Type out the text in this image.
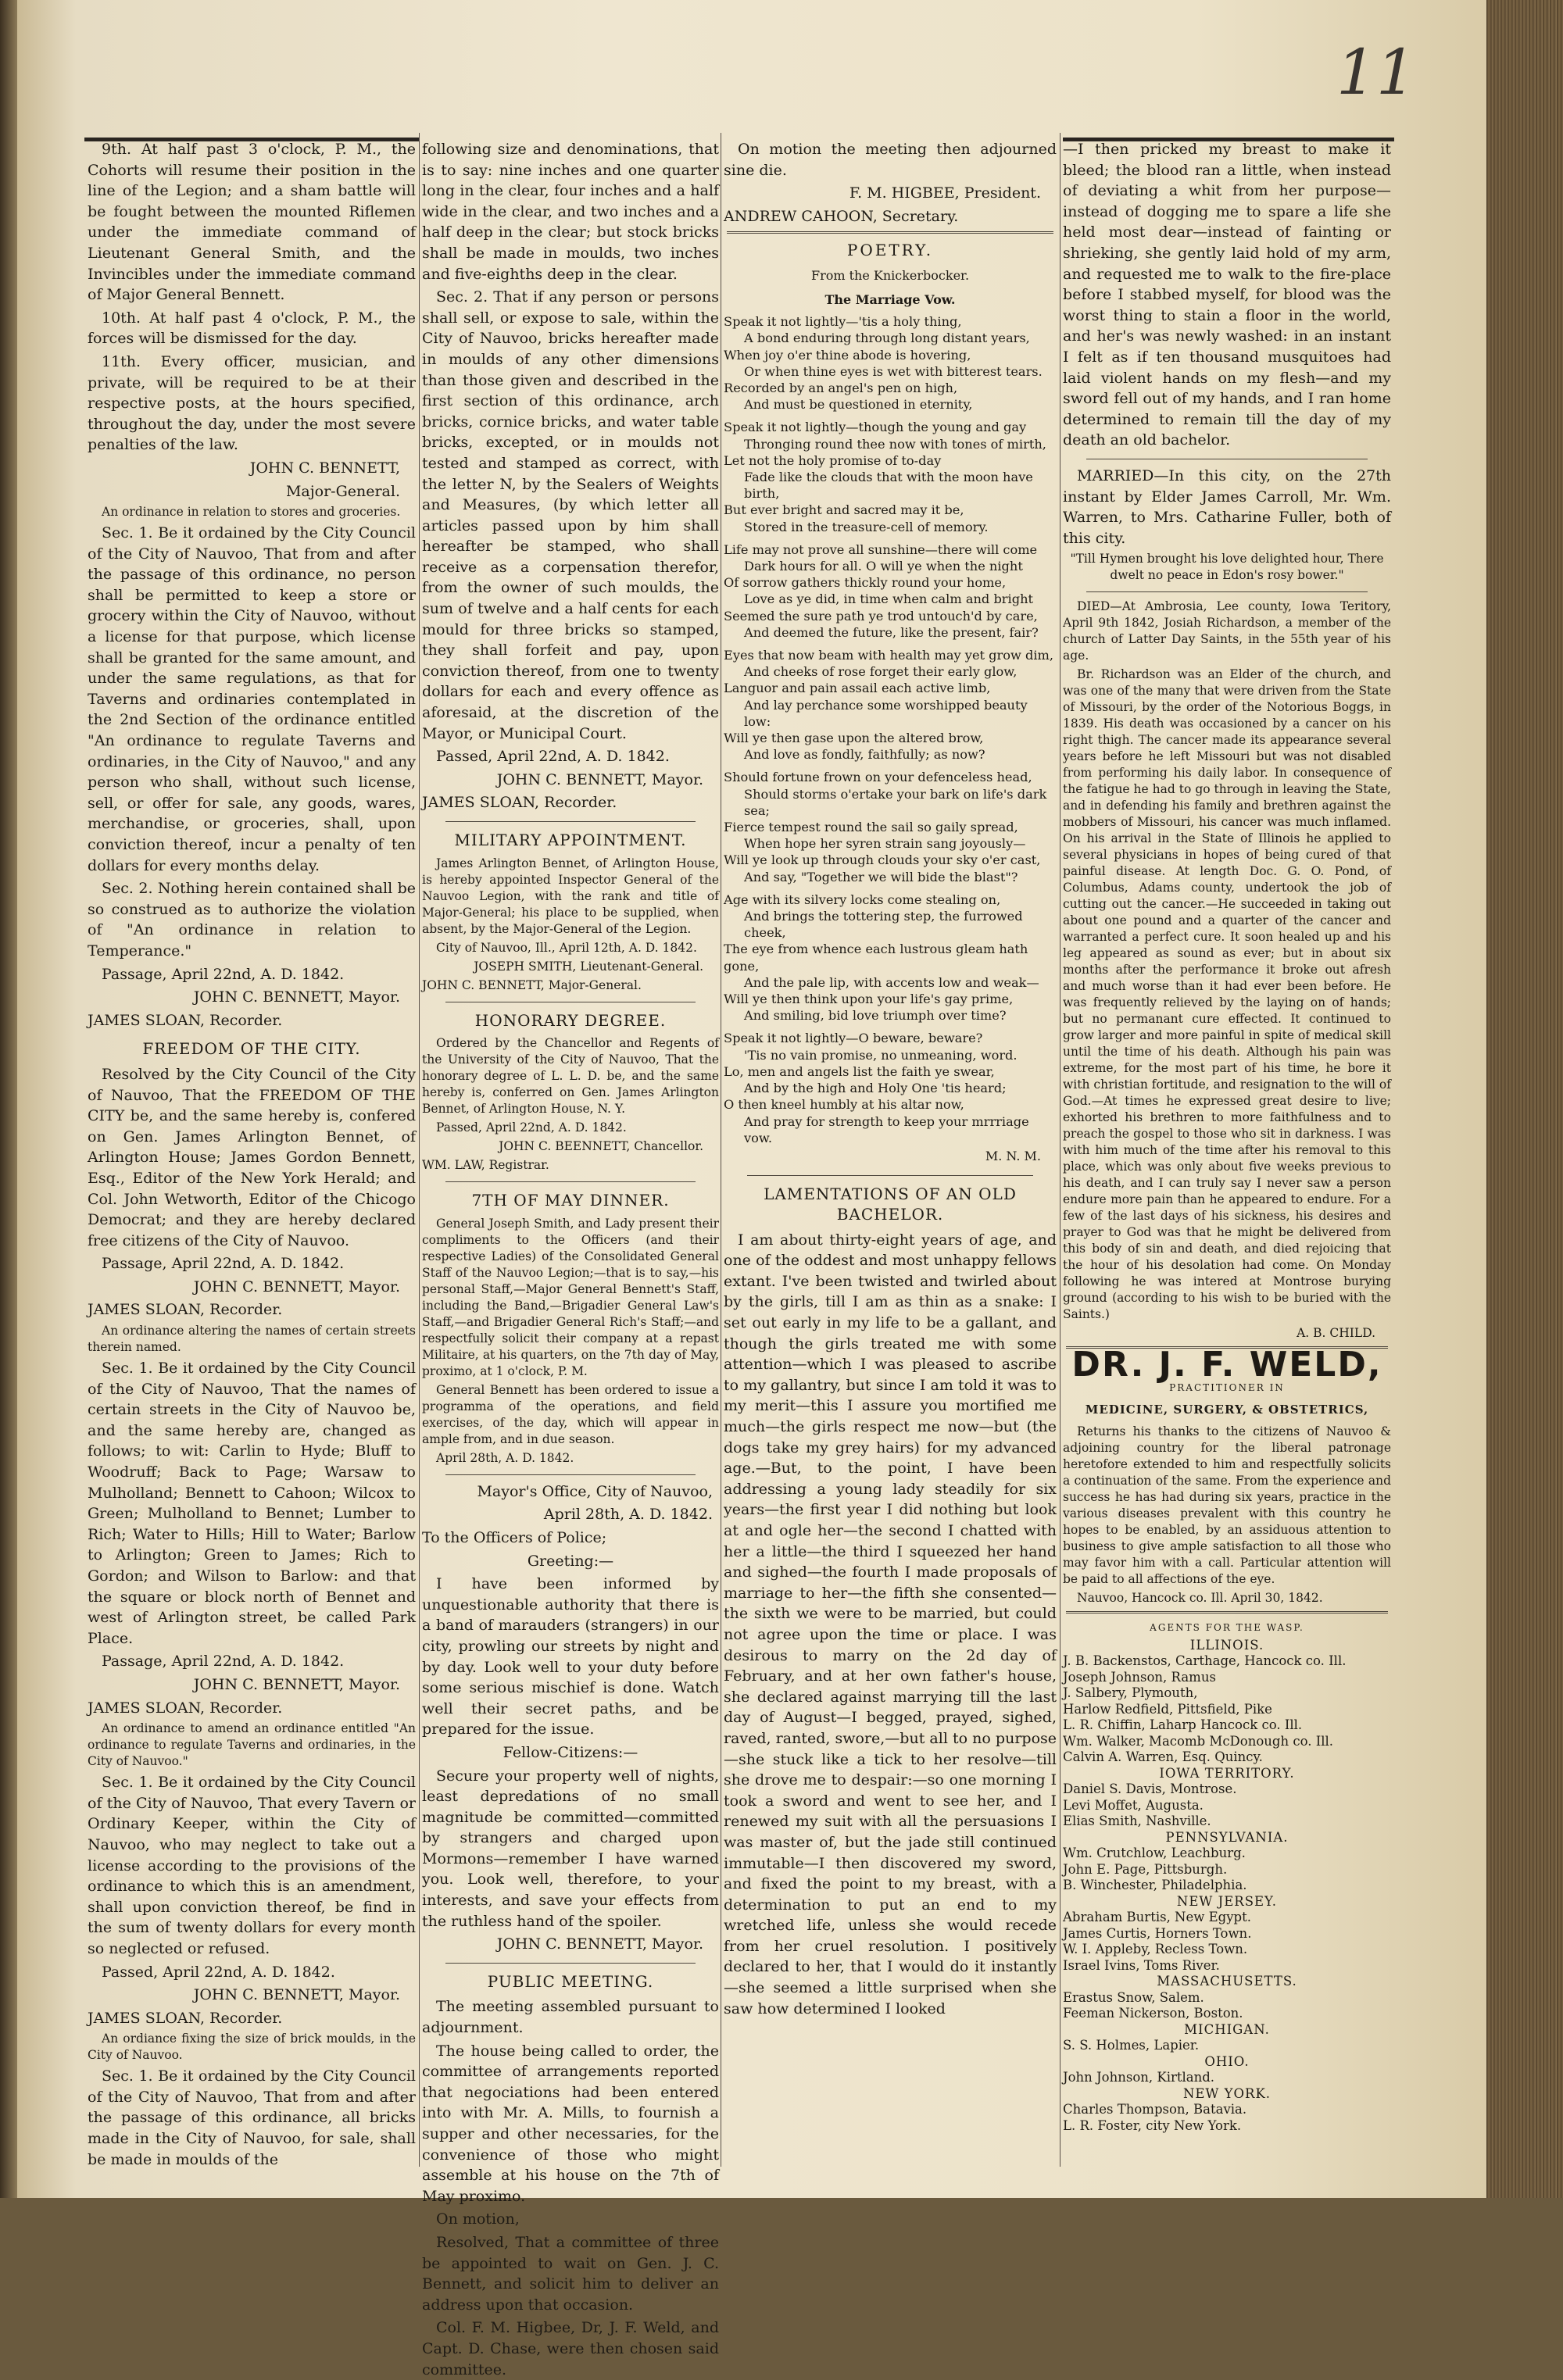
11

9th. At half past 3 o'clock, P. M., the Cohorts will resume their position in the line of the Legion; and a sham battle will be fought between the mounted Riflemen under the immediate command of Lieutenant General Smith, and the Invincibles under the immediate command of Major General Bennett.

10th. At half past 4 o'clock, P. M., the forces will be dismissed for the day.

11th. Every officer, musician, and private, will be required to be at their respective posts, at the hours specified, throughout the day, under the most severe penalties of the law.

JOHN C. BENNETT,

Major-General.

An ordinance in relation to stores and groceries.

Sec. 1. Be it ordained by the City Council of the City of Nauvoo, That from and after the passage of this ordinance, no person shall be permitted to keep a store or grocery within the City of Nauvoo, without a license for that purpose, which license shall be granted for the same amount, and under the same regulations, as that for Taverns and ordinaries contemplated in the 2nd Section of the ordinance entitled "An ordinance to regulate Taverns and ordinaries, in the City of Nauvoo," and any person who shall, without such license, sell, or offer for sale, any goods, wares, merchandise, or groceries, shall, upon conviction thereof, incur a penalty of ten dollars for every months delay.

Sec. 2. Nothing herein contained shall be so construed as to authorize the violation of "An ordinance in relation to Temperance."

Passage, April 22nd, A. D. 1842.

JOHN C. BENNETT, Mayor.

JAMES SLOAN, Recorder.

FREEDOM OF THE CITY.

Resolved by the City Council of the City of Nauvoo, That the FREEDOM OF THE CITY be, and the same hereby is, confered on Gen. James Arlington Bennet, of Arlington House; James Gordon Bennett, Esq., Editor of the New York Herald; and Col. John Wetworth, Editor of the Chicogo Democrat; and they are hereby declared free citizens of the City of Nauvoo.

Passage, April 22nd, A. D. 1842.

JOHN C. BENNETT, Mayor.

JAMES SLOAN, Recorder.

An ordinance altering the names of certain streets therein named.

Sec. 1. Be it ordained by the City Council of the City of Nauvoo, That the names of certain streets in the City of Nauvoo be, and the same hereby are, changed as follows; to wit: Carlin to Hyde; Bluff to Woodruff; Back to Page; Warsaw to Mulholland; Bennett to Cahoon; Wilcox to Green; Mulholland to Bennet; Lumber to Rich; Water to Hills; Hill to Water; Barlow to Arlington; Green to James; Rich to Gordon; and Wilson to Barlow: and that the square or block north of Bennet and west of Arlington street, be called Park Place.

Passage, April 22nd, A. D. 1842.

JOHN C. BENNETT, Mayor.

JAMES SLOAN, Recorder.

An ordinance to amend an ordinance entitled "An ordinance to regulate Taverns and ordinaries, in the City of Nauvoo."

Sec. 1. Be it ordained by the City Council of the City of Nauvoo, That every Tavern or Ordinary Keeper, within the City of Nauvoo, who may neglect to take out a license according to the provisions of the ordinance to which this is an amendment, shall upon conviction thereof, be find in the sum of twenty dollars for every month so neglected or refused.

Passed, April 22nd, A. D. 1842.

JOHN C. BENNETT, Mayor.

JAMES SLOAN, Recorder.

An ordiance fixing the size of brick moulds, in the City of Nauvoo.

Sec. 1. Be it ordained by the City Council of the City of Nauvoo, That from and after the passage of this ordinance, all bricks made in the City of Nauvoo, for sale, shall be made in moulds of the

following size and denominations, that is to say: nine inches and one quarter long in the clear, four inches and a half wide in the clear, and two inches and a half deep in the clear; but stock bricks shall be made in moulds, two inches and five-eighths deep in the clear.

Sec. 2. That if any person or persons shall sell, or expose to sale, within the City of Nauvoo, bricks hereafter made in moulds of any other dimensions than those given and described in the first section of this ordinance, arch bricks, cornice bricks, and water table bricks, excepted, or in moulds not tested and stamped as correct, with the letter N, by the Sealers of Weights and Measures, (by which letter all articles passed upon by him shall hereafter be stamped, who shall receive as a corpensation therefor, from the owner of such moulds, the sum of twelve and a half cents for each mould for three bricks so stamped, they shall forfeit and pay, upon conviction thereof, from one to twenty dollars for each and every offence as aforesaid, at the discretion of the Mayor, or Municipal Court.

Passed, April 22nd, A. D. 1842.

JOHN C. BENNETT, Mayor.

JAMES SLOAN, Recorder.

MILITARY APPOINTMENT.

James Arlington Bennet, of Arlington House, is hereby appointed Inspector General of the Nauvoo Legion, with the rank and title of Major-General; his place to be supplied, when absent, by the Major-General of the Legion.

City of Nauvoo, Ill., April 12th, A. D. 1842.

JOSEPH SMITH, Lieutenant-General.

JOHN C. BENNETT, Major-General.

HONORARY DEGREE.

Ordered by the Chancellor and Regents of the University of the City of Nauvoo, That the honorary degree of L. L. D. be, and the same hereby is, conferred on Gen. James Arlington Bennet, of Arlington House, N. Y.

Passed, April 22nd, A. D. 1842.

JOHN C. BEENNETT, Chancellor.

WM. LAW, Registrar.

7TH OF MAY DINNER.

General Joseph Smith, and Lady present their compliments to the Officers (and their respective Ladies) of the Consolidated General Staff of the Nauvoo Legion;—that is to say,—his personal Staff,—Major General Bennett's Staff, including the Band,—Brigadier General Law's Staff,—and Brigadier General Rich's Staff;—and respectfully solicit their company at a repast Militaire, at his quarters, on the 7th day of May, proximo, at 1 o'clock, P. M.

General Bennett has been ordered to issue a programma of the operations, and field exercises, of the day, which will appear in ample from, and in due season.

April 28th, A. D. 1842.

Mayor's Office, City of Nauvoo,

April 28th, A. D. 1842.

To the Officers of Police;

Greeting:—

I have been informed by unquestionable authority that there is a band of marauders (strangers) in our city, prowling our streets by night and by day. Look well to your duty before some serious mischief is done. Watch well their secret paths, and be prepared for the issue.

Fellow-Citizens:—

Secure your property well of nights, least depredations of no small magnitude be committed—committed by strangers and charged upon Mormons—remember I have warned you. Look well, therefore, to your interests, and save your effects from the ruthless hand of the spoiler.

JOHN C. BENNETT, Mayor.

PUBLIC MEETING.

The meeting assembled pursuant to adjournment.

The house being called to order, the committee of arrangements reported that negociations had been entered into with Mr. A. Mills, to fournish a supper and other necessaries, for the convenience of those who might assemble at his house on the 7th of May proximo.

On motion,

Resolved, That a committee of three be appointed to wait on Gen. J. C. Bennett, and solicit him to deliver an address upon that occasion.

Col. F. M. Higbee, Dr, J. F. Weld, and Capt. D. Chase, were then chosen said committee.

On motion the meeting then adjourned sine die.

F. M. HIGBEE, President.

ANDREW CAHOON, Secretary.

POETRY.
From the Knickerbocker.
The Marriage Vow.

Speak it not lightly—'tis a holy thing,

A bond enduring through long distant years,

When joy o'er thine abode is hovering,

Or when thine eyes is wet with bitterest tears.

Recorded by an angel's pen on high,

And must be questioned in eternity,

Speak it not lightly—though the young and gay

Thronging round thee now with tones of mirth,

Let not the holy promise of to-day

Fade like the clouds that with the moon have birth,

But ever bright and sacred may it be,

Stored in the treasure-cell of memory.

Life may not prove all sunshine—there will come

Dark hours for all. O will ye when the night

Of sorrow gathers thickly round your home,

Love as ye did, in time when calm and bright

Seemed the sure path ye trod untouch'd by care,

And deemed the future, like the present, fair?

Eyes that now beam with health may yet grow dim,

And cheeks of rose forget their early glow,

Languor and pain assail each active limb,

And lay perchance some worshipped beauty low:

Will ye then gase upon the altered brow,

And love as fondly, faithfully; as now?

Should fortune frown on your defenceless head,

Should storms o'ertake your bark on life's dark sea;

Fierce tempest round the sail so gaily spread,

When hope her syren strain sang joyously—

Will ye look up through clouds your sky o'er cast,

And say, "Together we will bide the blast"?

Age with its silvery locks come stealing on,

And brings the tottering step, the furrowed cheek,

The eye from whence each lustrous gleam hath gone,

And the pale lip, with accents low and weak—

Will ye then think upon your life's gay prime,

And smiling, bid love triumph over time?

Speak it not lightly—O beware, beware?

'Tis no vain promise, no unmeaning, word.

Lo, men and angels list the faith ye swear,

And by the high and Holy One 'tis heard;

O then kneel humbly at his altar now,

And pray for strength to keep your mrrriage vow.

M. N. M.

LAMENTATIONS OF AN OLD
BACHELOR.

I am about thirty-eight years of age, and one of the oddest and most unhappy fellows extant. I've been twisted and twirled about by the girls, till I am as thin as a snake: I set out early in my life to be a gallant, and though the girls treated me with some attention—which I was pleased to ascribe to my gallantry, but since I am told it was to my merit—this I assure you mortified me much—the girls respect me now—but (the dogs take my grey hairs) for my advanced age.—But, to the point, I have been addressing a young lady steadily for six years—the first year I did nothing but look at and ogle her—the second I chatted with her a little—the third I squeezed her hand and sighed—the fourth I made proposals of marriage to her—the fifth she consented—the sixth we were to be married, but could not agree upon the time or place. I was desirous to marry on the 2d day of February, and at her own father's house, she declared against marrying till the last day of August—I begged, prayed, sighed, raved, ranted, swore,—but all to no purpose—she stuck like a tick to her resolve—till she drove me to despair:—so one morning I took a sword and went to see her, and I renewed my suit with all the persuasions I was master of, but the jade still continued immutable—I then discovered my sword, and fixed the point to my breast, with a determination to put an end to my wretched life, unless she would recede from her cruel resolution. I positively declared to her, that I would do it instantly—she seemed a little surprised when she saw how determined I looked

—I then pricked my breast to make it bleed; the blood ran a little, when instead of deviating a whit from her purpose—instead of dogging me to spare a life she held most dear—instead of fainting or shrieking, she gently laid hold of my arm, and requested me to walk to the fire-place before I stabbed myself, for blood was the worst thing to stain a floor in the world, and her's was newly washed: in an instant I felt as if ten thousand musquitoes had laid violent hands on my flesh—and my sword fell out of my hands, and I ran home determined to remain till the day of my death an old bachelor.

MARRIED—In this city, on the 27th instant by Elder James Carroll, Mr. Wm. Warren, to Mrs. Catharine Fuller, both of this city.

"Till Hymen brought his love delighted hour, There dwelt no peace in Edon's rosy bower."

DIED—At Ambrosia, Lee county, Iowa Teritory, April 9th 1842, Josiah Richardson, a member of the church of Latter Day Saints, in the 55th year of his age.

Br. Richardson was an Elder of the church, and was one of the many that were driven from the State of Missouri, by the order of the Notorious Boggs, in 1839. His death was occasioned by a cancer on his right thigh. The cancer made its appearance several years before he left Missouri but was not disabled from performing his daily labor. In consequence of the fatigue he had to go through in leaving the State, and in defending his family and brethren against the mobbers of Missouri, his cancer was much inflamed. On his arrival in the State of Illinois he applied to several physicians in hopes of being cured of that painful disease. At length Doc. G. O. Pond, of Columbus, Adams county, undertook the job of cutting out the cancer.—He succeeded in taking out about one pound and a quarter of the cancer and warranted a perfect cure. It soon healed up and his leg appeared as sound as ever; but in about six months after the performance it broke out afresh and much worse than it had ever been before. He was frequently relieved by the laying on of hands; but no permanant cure effected. It continued to grow larger and more painful in spite of medical skill until the time of his death. Although his pain was extreme, for the most part of his time, he bore it with christian fortitude, and resignation to the will of God.—At times he expressed great desire to live; exhorted his brethren to more faithfulness and to preach the gospel to those who sit in darkness. I was with him much of the time after his removal to this place, which was only about five weeks previous to his death, and I can truly say I never saw a person endure more pain than he appeared to endure. For a few of the last days of his sickness, his desires and prayer to God was that he might be delivered from this body of sin and death, and died rejoicing that the hour of his desolation had come. On Monday following he was intered at Montrose burying ground (according to his wish to be buried with the Saints.)

A. B. CHILD.

DR. J. F. WELD,
PRACTITIONER IN
MEDICINE, SURGERY, & OBSTETRICS,

Returns his thanks to the citizens of Nauvoo & adjoining country for the liberal patronage heretofore extended to him and respectfully solicits a continuation of the same. From the experience and success he has had during six years, practice in the various diseases prevalent with this country he hopes to be enabled, by an assiduous attention to business to give ample satisfaction to all those who may favor him with a call. Particular attention will be paid to all affections of the eye.

Nauvoo, Hancock co. Ill. April 30, 1842.

AGENTS FOR THE WASP.

ILLINOIS.

J. B. Backenstos, Carthage, Hancock co. Ill.

Joseph Johnson, Ramus

J. Salbery, Plymouth,

Harlow Redfield, Pittsfield, Pike

L. R. Chiffin, Laharp Hancock co. Ill.

Wm. Walker, Macomb McDonough co. Ill.

Calvin A. Warren, Esq. Quincy.

IOWA TERRITORY.

Daniel S. Davis, Montrose.

Levi Moffet, Augusta.

Elias Smith, Nashville.

PENNSYLVANIA.

Wm. Crutchlow, Leachburg.

John E. Page, Pittsburgh.

B. Winchester, Philadelphia.

NEW JERSEY.

Abraham Burtis, New Egypt.

James Curtis, Horners Town.

W. I. Appleby, Recless Town.

Israel Ivins, Toms River.

MASSACHUSETTS.

Erastus Snow, Salem.

Feeman Nickerson, Boston.

MICHIGAN.

S. S. Holmes, Lapier.

OHIO.

John Johnson, Kirtland.

NEW YORK.

Charles Thompson, Batavia.

L. R. Foster, city New York.
